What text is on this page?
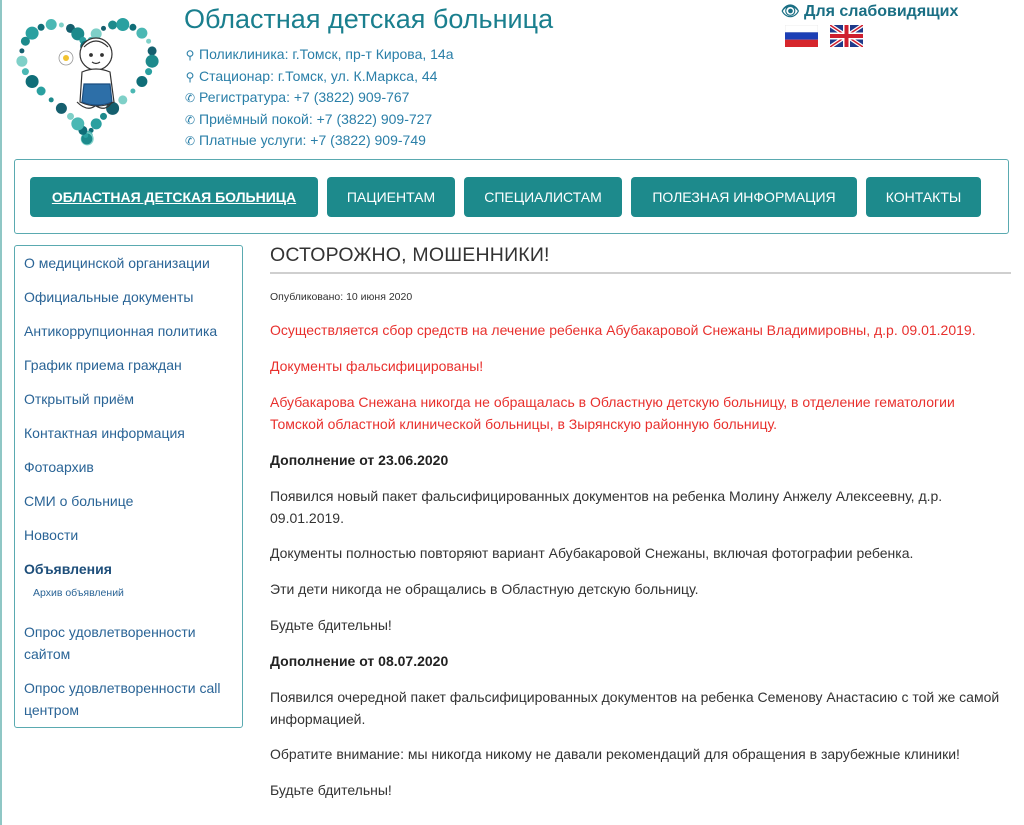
Областная детская больница
⚲ Поликлиника: г.Томск, пр-т Кирова, 14а
⚲ Стационар: г.Томск, ул. К.Маркса, 44
✆ Регистратура: +7 (3822) 909-767
✆ Приёмный покой: +7 (3822) 909-727
✆ Платные услуги: +7 (3822) 909-749
👁 Для слабовидящих
ОБЛАСТНАЯ ДЕТСКАЯ БОЛЬНИЦА	ПАЦИЕНТАМ	СПЕЦИАЛИСТАМ	ПОЛЕЗНАЯ ИНФОРМАЦИЯ	КОНТАКТЫ
О медицинской организации
Официальные документы
Антикоррупционная политика
График приема граждан
Открытый приём
Контактная информация
Фотоархив
СМИ о больнице
Новости
Объявления
Архив объявлений
Опрос удовлетворенности сайтом
Опрос удовлетворенности call центром
ОСТОРОЖНО, МОШЕННИКИ!
Опубликовано: 10 июня 2020

Осуществляется сбор средств на лечение ребенка Абубакаровой Снежаны Владимировны, д.р. 09.01.2019.

Документы фальсифицированы!

Абубакарова Снежана никогда не обращалась в Областную детскую больницу, в отделение гематологии Томской областной клинической больницы, в Зырянскую районную больницу.

Дополнение от 23.06.2020

Появился новый пакет фальсифицированных документов на ребенка Молину Анжелу Алексеевну, д.р. 09.01.2019.

Документы полностью повторяют вариант Абубакаровой Снежаны, включая фотографии ребенка.

Эти дети никогда не обращались в Областную детскую больницу.

Будьте бдительны!

Дополнение от 08.07.2020

Появился очередной пакет фальсифицированных документов на ребенка Семенову Анастасию с той же самой информацией.

Обратите внимание: мы никогда никому не давали рекомендаций для обращения в зарубежные клиники!

Будьте бдительны!
